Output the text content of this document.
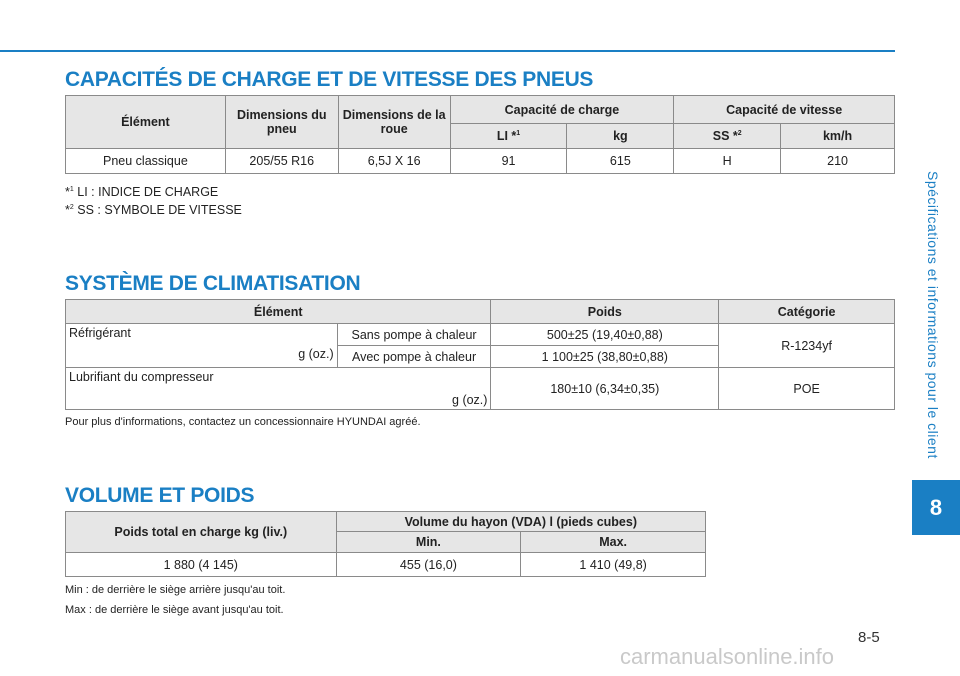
Spécifications et informations pour le client
8
CAPACITÉS DE CHARGE ET DE VITESSE DES PNEUS
Élément	Dimensions du pneu	Dimensions de la roue	Capacité de charge		Capacité de vitesse	
			LI *$^1$	kg	SS *$^2$	km/h
Pneu classique	205/55 R16	6,5J X 16	91	615	H	210
*$^1$ LI : INDICE DE CHARGE
*$^2$ SS : SYMBOLE DE VITESSE
SYSTÈME DE CLIMATISATION
Élément		Poids	Catégorie
Réfrigérant
g (oz.)	Sans pompe à chaleur	500±25 (19,40±0,88)	R-1234yf
	Avec pompe à chaleur	1 100±25 (38,80±0,88)	
Lubrifiant du compresseur
g (oz.)		180±10 (6,34±0,35)	POE
Pour plus d'informations, contactez un concessionnaire HYUNDAI agréé.
VOLUME ET POIDS
Poids total en charge kg (liv.)	Volume du hayon (VDA) l (pieds cubes)	
	Min.	Max.
1 880 (4 145)	455 (16,0)	1 410 (49,8)
Min : de derrière le siège arrière jusqu'au toit.
Max : de derrière le siège avant jusqu'au toit.
8-5
carmanualsonline.info
